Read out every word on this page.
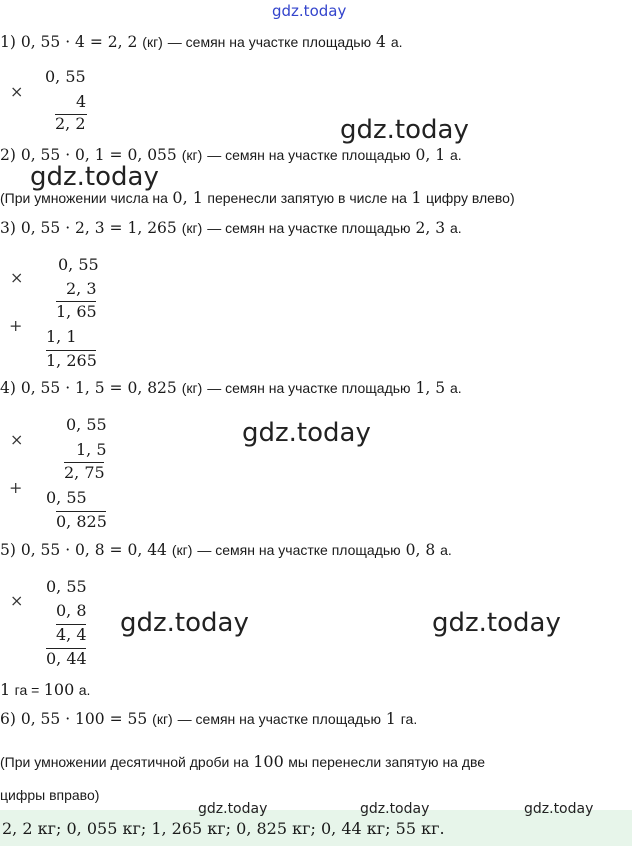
gdz.today
1) 0, 55 · 4 = 2, 2 (кг) — семян на участке площадью 4 а.
×
0, 55
4
2, 2	gdz.today
2) 0, 55 · 0, 1 = 0, 055 (кг) — семян на участке площадью 0, 1 а.
gdz.today
(При умножении числа на 0, 1 перенесли запятую в числе на 1 цифру влево)
3) 0, 55 · 2, 3 = 1, 265 (кг) — семян на участке площадью 2, 3 а.
×
0, 55
2, 3
1, 65
+
1, 1
1, 265
4) 0, 55 · 1, 5 = 0, 825 (кг) — семян на участке площадью 1, 5 а.
×
0, 55
1, 5
2, 75
+
0, 55
0, 825
gdz.today
5) 0, 55 · 0, 8 = 0, 44 (кг) — семян на участке площадью 0, 8 а.
×
0, 55
0, 8
4, 4
0, 44
gdz.today	gdz.today
1 га = 100 а.
6) 0, 55 · 100 = 55 (кг) — семян на участке площадью 1 га.
(При умножении десятичной дроби на 100 мы перенесли запятую на две
цифры вправо)
gdz.today	gdz.today	gdz.today
2, 2 кг; 0, 055 кг; 1, 265 кг; 0, 825 кг; 0, 44 кг; 55 кг.
